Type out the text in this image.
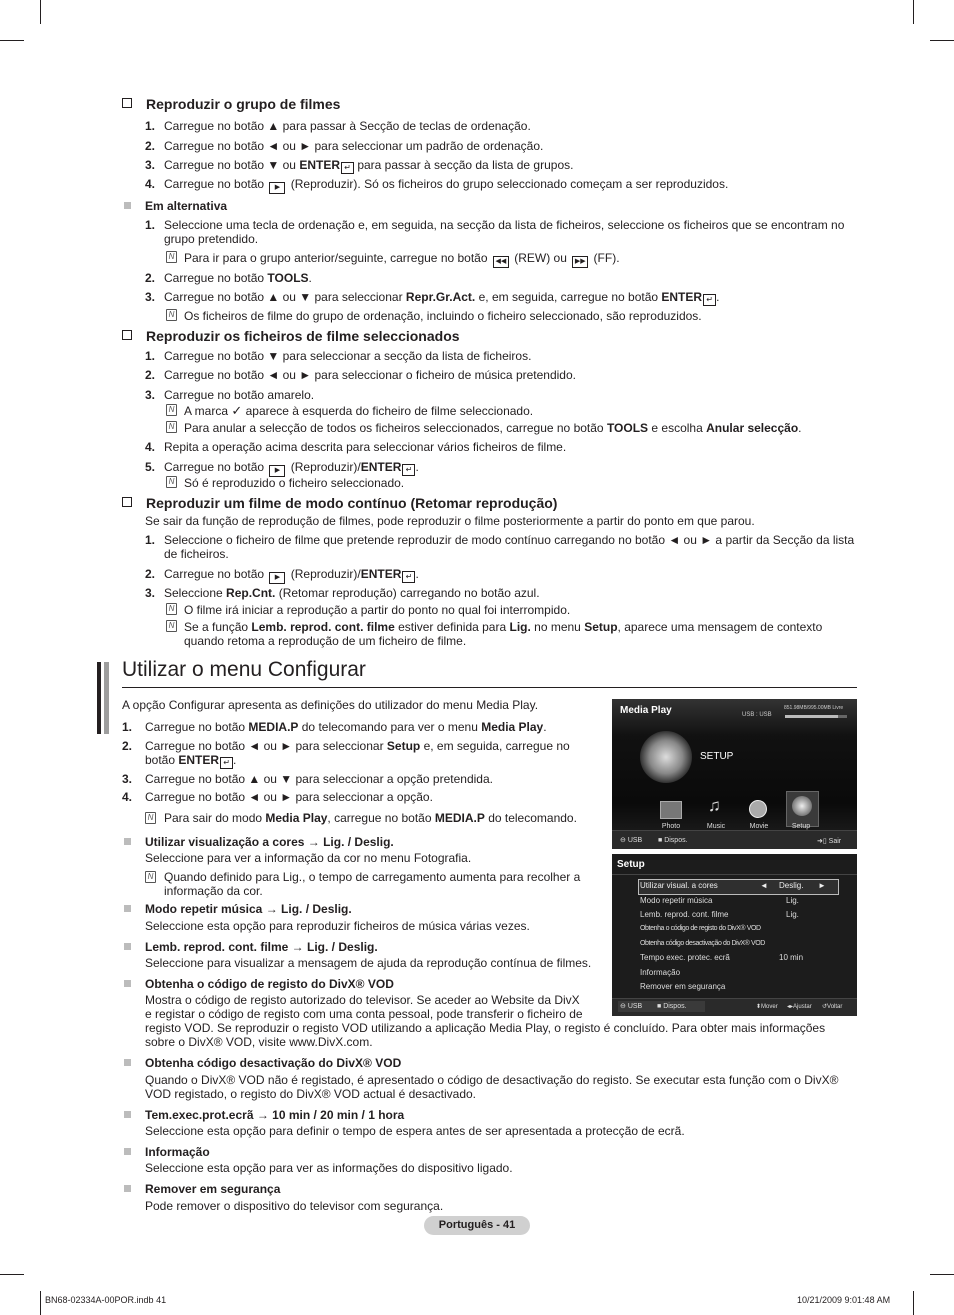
Reproduzir o grupo de filmes
1. Carregue no botão ▲ para passar à Secção de teclas de ordenação.
2. Carregue no botão ◄ ou ► para seleccionar um padrão de ordenação.
3. Carregue no botão ▼ ou ENTER ↵ para passar à secção da lista de grupos.
4. Carregue no botão ▶ (Reproduzir). Só os ficheiros do grupo seleccionado começam a ser reproduzidos.
Em alternativa
1. Seleccione uma tecla de ordenação e, em seguida, na secção da lista de ficheiros, seleccione os ficheiros que se encontram no grupo pretendido.
N Para ir para o grupo anterior/seguinte, carregue no botão ◀◀ (REW) ou ▶▶ (FF).
2. Carregue no botão TOOLS.
3. Carregue no botão ▲ ou ▼ para seleccionar Repr.Gr.Act. e, em seguida, carregue no botão ENTER ↵ .
N Os ficheiros de filme do grupo de ordenação, incluindo o ficheiro seleccionado, são reproduzidos.
Reproduzir os ficheiros de filme seleccionados
1. Carregue no botão ▼ para seleccionar a secção da lista de ficheiros.
2. Carregue no botão ◄ ou ► para seleccionar o ficheiro de música pretendido.
3. Carregue no botão amarelo.
N A marca ✓ aparece à esquerda do ficheiro de filme seleccionado.
N Para anular a selecção de todos os ficheiros seleccionados, carregue no botão TOOLS e escolha Anular selecção.
4. Repita a operação acima descrita para seleccionar vários ficheiros de filme.
5. Carregue no botão ▶ (Reproduzir)/ENTER ↵ .
N Só é reproduzido o ficheiro seleccionado.
Reproduzir um filme de modo contínuo (Retomar reprodução)
Se sair da função de reprodução de filmes, pode reproduzir o filme posteriormente a partir do ponto em que parou.
1. Seleccione o ficheiro de filme que pretende reproduzir de modo contínuo carregando no botão ◄ ou ► a partir da Secção da lista de ficheiros.
2. Carregue no botão ▶ (Reproduzir)/ENTER ↵ .
3. Seleccione Rep.Cnt. (Retomar reprodução) carregando no botão azul.
N O filme irá iniciar a reprodução a partir do ponto no qual foi interrompido.
N Se a função Lemb. reprod. cont. filme estiver definida para Lig. no menu Setup, aparece uma mensagem de contexto quando retoma a reprodução de um ficheiro de filme.
Utilizar o menu Configurar
A opção Configurar apresenta as definições do utilizador do menu Media Play.
1. Carregue no botão MEDIA.P do telecomando para ver o menu Media Play.
2. Carregue no botão ◄ ou ► para seleccionar Setup e, em seguida, carregue no
botão ENTER ↵ .
3. Carregue no botão ▲ ou ▼ para seleccionar a opção pretendida.
4. Carregue no botão ◄ ou ► para seleccionar a opção.
N Para sair do modo Media Play, carregue no botão MEDIA.P do telecomando.
Utilizar visualização a cores → Lig. / Deslig.
Seleccione para ver a informação da cor no menu Fotografia.
N Quando definido para Lig., o tempo de carregamento aumenta para recolher a informação da cor.
Modo repetir música → Lig. / Deslig.
Seleccione esta opção para reproduzir ficheiros de música várias vezes.
Lemb. reprod. cont. filme → Lig. / Deslig.
Seleccione para visualizar a mensagem de ajuda da reprodução contínua de filmes.
Obtenha o código de registo do DivX® VOD
Mostra o código de registo autorizado do televisor. Se aceder ao Website da DivX
e registar o código de registo com uma conta pessoal, pode transferir o ficheiro de
registo VOD. Se reproduzir o registo VOD utilizando a aplicação Media Play, o registo é concluído. Para obter mais informações sobre o DivX® VOD, visite www.DivX.com.
Obtenha código desactivação do DivX® VOD
Quando o DivX® VOD não é registado, é apresentado o código de desactivação do registo. Se executar esta função com o DivX® VOD registado, o registo do DivX® VOD actual é desactivado.
Tem.exec.prot.ecrã → 10 min / 20 min / 1 hora
Seleccione esta opção para definir o tempo de espera antes de ser apresentada a protecção de ecrã.
Informação
Seleccione esta opção para ver as informações do dispositivo ligado.
Remover em segurança
Pode remover o dispositivo do televisor com segurança.
Media Play	851.98MB/995.00MB Livre
USB : USB
SETUP
♫
Photo	Music	Movie	Setup
⊖ USB ■ Dispos.	➜▯ Sair
Setup
Utilizar visual. a cores	◄ Deslig. ►
Modo repetir música	Lig.
Lemb. reprod. cont. filme	Lig.
Obtenha o código de registo do DivX® VOD
Obtenha código desactivação do DivX® VOD
Tempo exec. protec. ecrã	10 min
Informação
Remover em segurança
⊖ USB ■ Dispos.	⬍Mover ◂▸Ajustar ↺Voltar
Português - 41
BN68-02334A-00POR.indb 41	10/21/2009 9:01:48 AM
